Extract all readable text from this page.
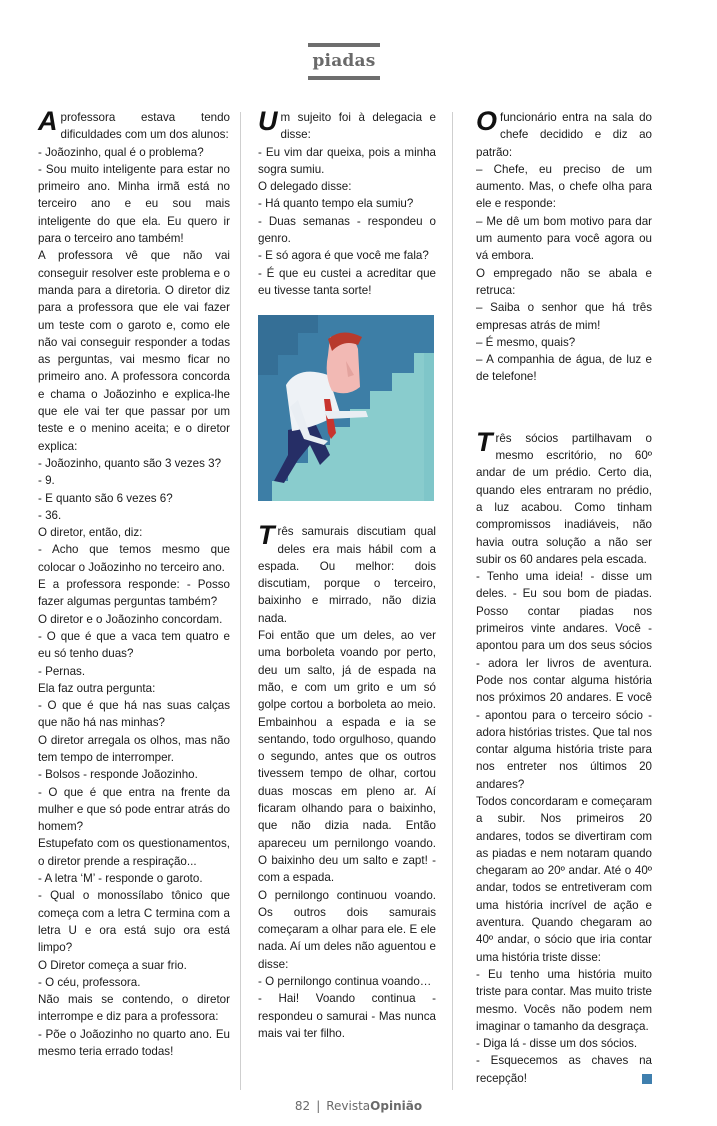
piadas

Aprofessora estava tendo dificuldades com um dos alunos:

- Joãozinho, qual é o problema?

- Sou muito inteligente para estar no primeiro ano. Minha irmã está no terceiro ano e eu sou mais inteligente do que ela. Eu quero ir para o terceiro ano também!

A professora vê que não vai conseguir resolver este problema e o manda para a diretoria. O diretor diz para a professora que ele vai fazer um teste com o garoto e, como ele não vai conseguir responder a todas as perguntas, vai mesmo ficar no primeiro ano. A professora concorda e chama o Joãozinho e explica-lhe que ele vai ter que passar por um teste e o menino aceita; e o diretor explica:

- Joãozinho, quanto são 3 vezes 3?

- 9.

- E quanto são 6 vezes 6?

- 36.

O diretor, então, diz:

- Acho que temos mesmo que colocar o Joãozinho no terceiro ano.

E a professora responde: - Posso fazer algumas perguntas também?

O diretor e o Joãozinho concordam.

- O que é que a vaca tem quatro e eu só tenho duas?

- Pernas.

Ela faz outra pergunta:

- O que é que há nas suas calças que não há nas minhas?

O diretor arregala os olhos, mas não tem tempo de interromper.

- Bolsos - responde Joãozinho.

- O que é que entra na frente da mulher e que só pode entrar atrás do homem?

Estupefato com os questionamentos, o diretor prende a respiração...

- A letra ‘M’ - responde o garoto.

- Qual o monossílabo tônico que começa com a letra C termina com a letra U e ora está sujo ora está limpo?

O Diretor começa a suar frio.

- O céu, professora.

Não mais se contendo, o diretor interrompe e diz para a professora:

- Põe o Joãozinho no quarto ano. Eu mesmo teria errado todas!

Um sujeito foi à delegacia e disse:

- Eu vim dar queixa, pois a minha sogra sumiu.

O delegado disse:

- Há quanto tempo ela sumiu?

- Duas semanas - respondeu o genro.

- E só agora é que você me fala?

- É que eu custei a acreditar que eu tivesse tanta sorte!

Três samurais discutiam qual deles era mais hábil com a espada. Ou melhor: dois discutiam, porque o terceiro, baixinho e mirrado, não dizia nada.

Foi então que um deles, ao ver uma borboleta voando por perto, deu um salto, já de espada na mão, e com um grito e um só golpe cortou a borboleta ao meio. Embainhou a espada e ia se sentando, todo orgulhoso, quando o segundo, antes que os outros tivessem tempo de olhar, cortou duas moscas em pleno ar. Aí ficaram olhando para o baixinho, que não dizia nada. Então apareceu um pernilongo voando. O baixinho deu um salto e zapt! - com a espada.

O pernilongo continuou voando. Os outros dois samurais começaram a olhar para ele. E ele nada. Aí um deles não aguentou e disse:

- O pernilongo continua voando…

- Hai! Voando continua - respondeu o samurai - Mas nunca mais vai ter filho.

Ofuncionário entra na sala do chefe decidido e diz ao patrão:

– Chefe, eu preciso de um aumento. Mas, o chefe olha para ele e responde:

– Me dê um bom motivo para dar um aumento para você agora ou vá embora.

O empregado não se abala e retruca:

– Saiba o senhor que há três empresas atrás de mim!

– É mesmo, quais?

– A companhia de água, de luz e de telefone!

Três sócios partilhavam o mesmo escritório, no 60º andar de um prédio. Certo dia, quando eles entraram no prédio, a luz acabou. Como tinham compromissos inadiáveis, não havia outra solução a não ser subir os 60 andares pela escada.

- Tenho uma ideia! - disse um deles. - Eu sou bom de piadas. Posso contar piadas nos primeiros vinte andares. Você - apontou para um dos seus sócios - adora ler livros de aventura. Pode nos contar alguma história nos próximos 20 andares. E você - apontou para o terceiro sócio - adora histórias tristes. Que tal nos contar alguma história triste para nos entreter nos últimos 20 andares?

Todos concordaram e começaram a subir. Nos primeiros 20 andares, todos se divertiram com as piadas e nem notaram quando chegaram ao 20º andar. Até o 40º andar, todos se entretiveram com uma história incrível de ação e aventura. Quando chegaram ao 40º andar, o sócio que iria contar uma história triste disse:

- Eu tenho uma história muito triste para contar. Mas muito triste mesmo. Vocês não podem nem imaginar o tamanho da desgraça.

- Diga lá - disse um dos sócios.

- Esquecemos as chaves na recepção!

82 | RevistaOpinião
